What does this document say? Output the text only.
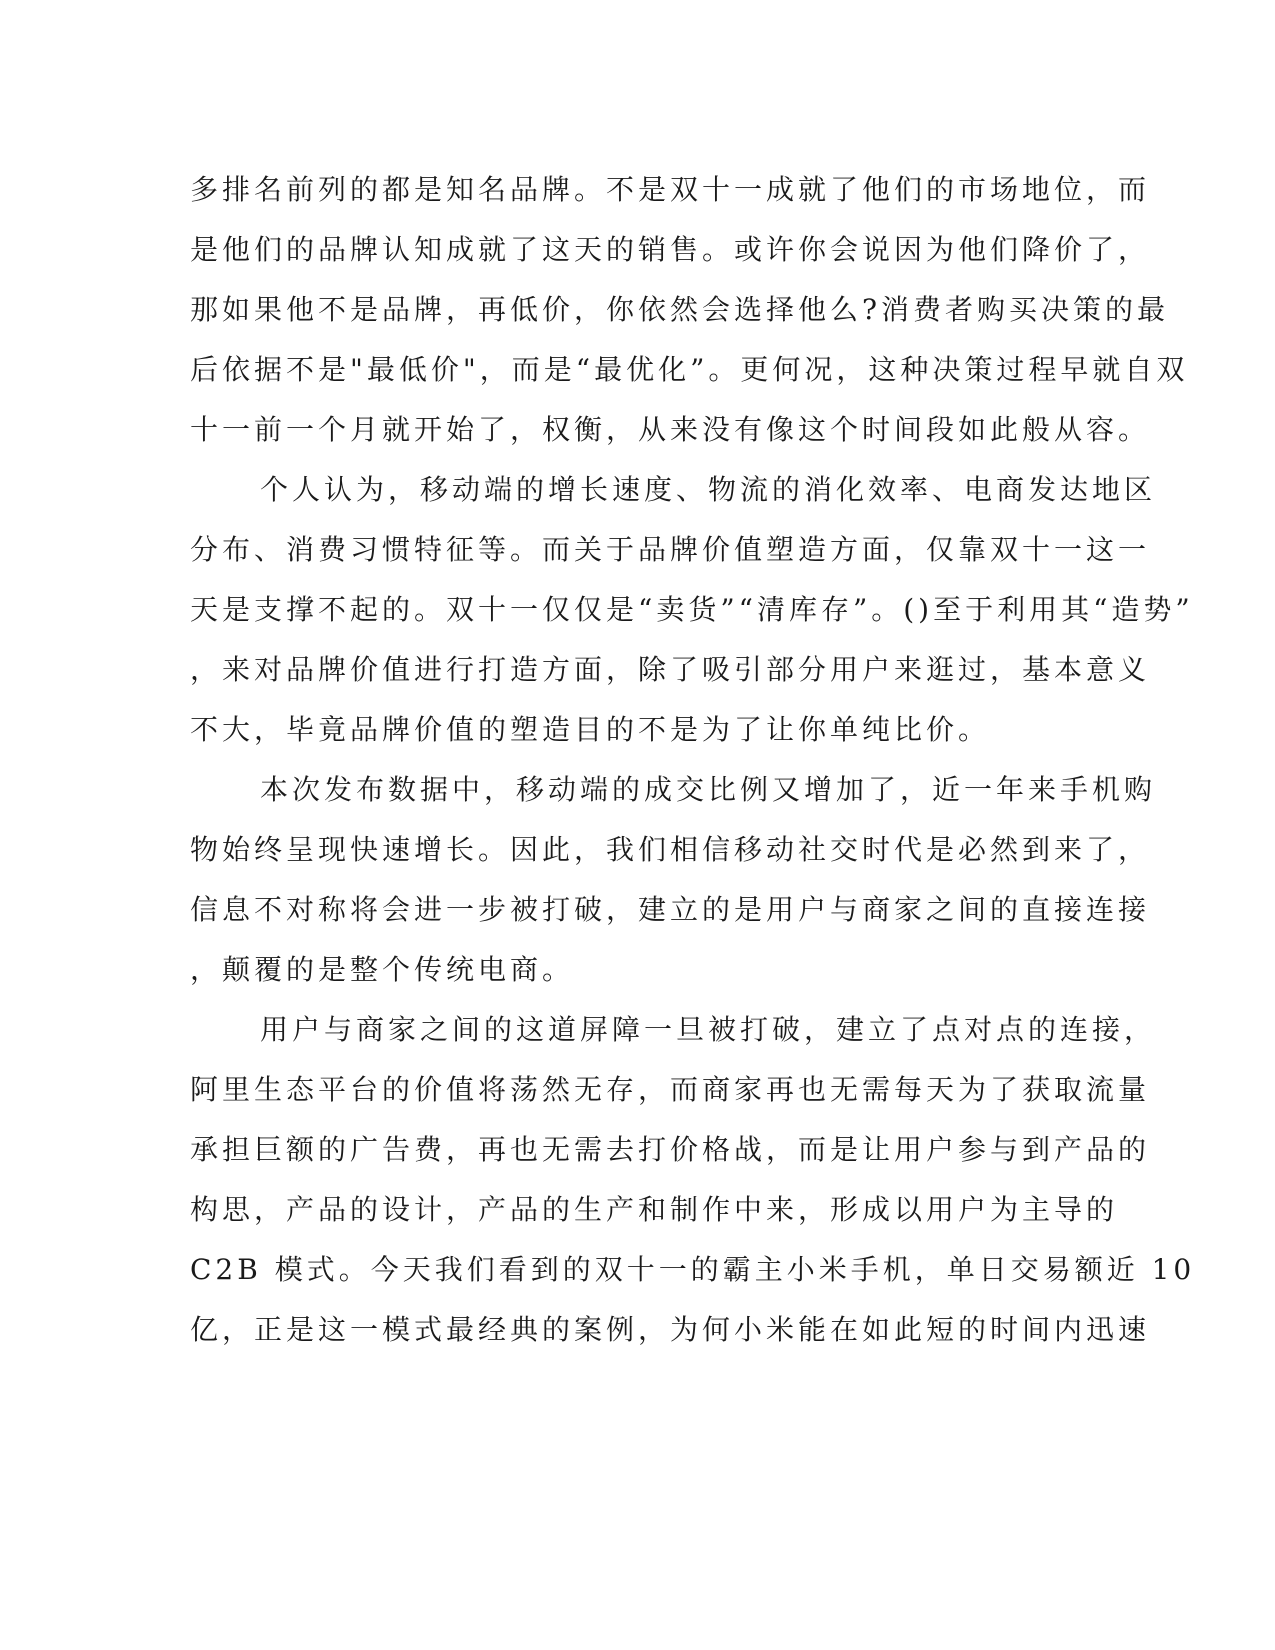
多排名前列的都是知名品牌。不是双十一成就了他们的市场地位，而

是他们的品牌认知成就了这天的销售。或许你会说因为他们降价了，

那如果他不是品牌，再低价，你依然会选择他么?消费者购买决策的最

后依据不是"最低价"，而是“最优化”。更何况，这种决策过程早就自双

十一前一个月就开始了，权衡，从来没有像这个时间段如此般从容。

个人认为，移动端的增长速度、物流的消化效率、电商发达地区

分布、消费习惯特征等。而关于品牌价值塑造方面，仅靠双十一这一

天是支撑不起的。双十一仅仅是“卖货”“清库存”。()至于利用其“造势”

，来对品牌价值进行打造方面，除了吸引部分用户来逛过，基本意义

不大，毕竟品牌价值的塑造目的不是为了让你单纯比价。

本次发布数据中，移动端的成交比例又增加了，近一年来手机购

物始终呈现快速增长。因此，我们相信移动社交时代是必然到来了，

信息不对称将会进一步被打破，建立的是用户与商家之间的直接连接

，颠覆的是整个传统电商。

用户与商家之间的这道屏障一旦被打破，建立了点对点的连接，

阿里生态平台的价值将荡然无存，而商家再也无需每天为了获取流量

承担巨额的广告费，再也无需去打价格战，而是让用户参与到产品的

构思，产品的设计，产品的生产和制作中来，形成以用户为主导的

C2B 模式。今天我们看到的双十一的霸主小米手机，单日交易额近 10

亿，正是这一模式最经典的案例，为何小米能在如此短的时间内迅速
